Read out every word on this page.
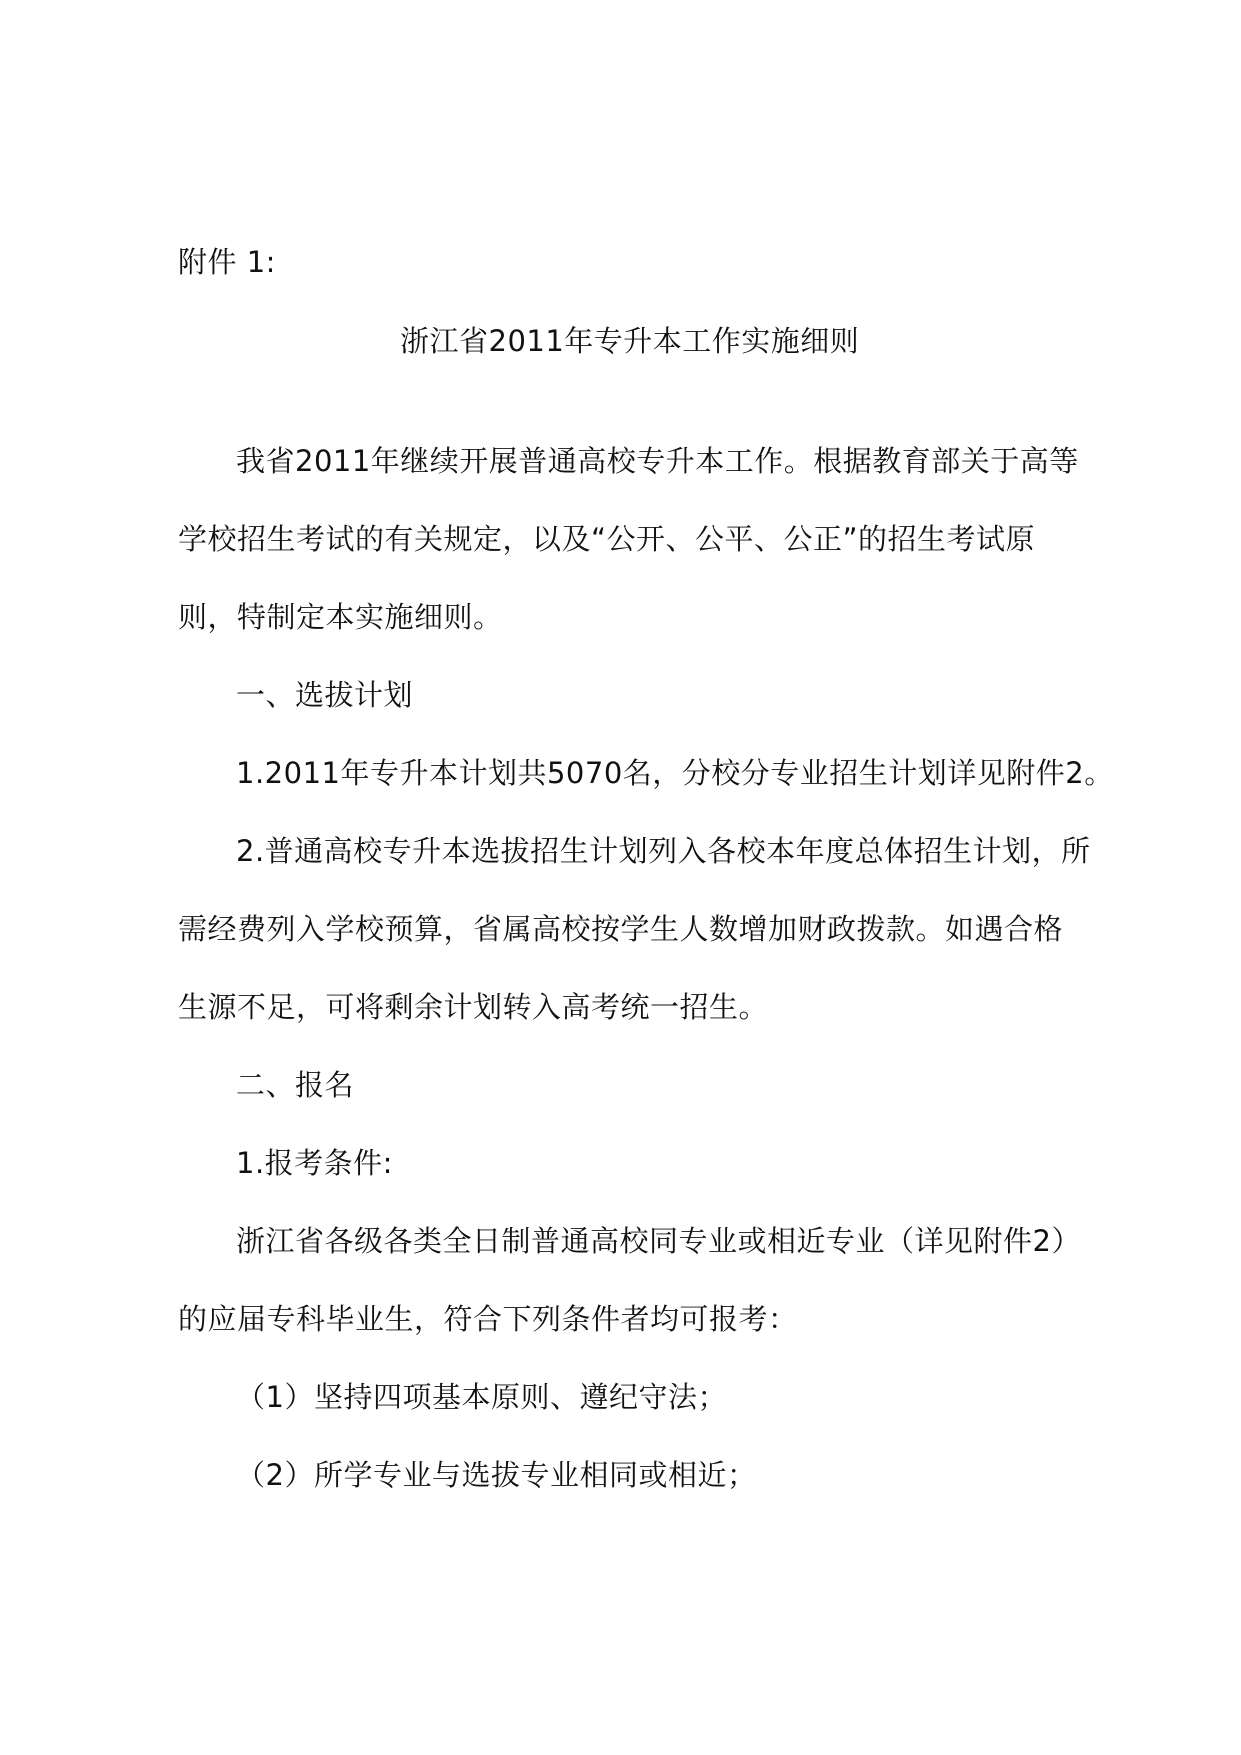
附件 1:
浙江省2011年专升本工作实施细则
我省2011年继续开展普通高校专升本工作。根据教育部关于高等
学校招生考试的有关规定，以及“公开、公平、公正”的招生考试原
则，特制定本实施细则。
一、选拔计划
1.2011年专升本计划共5070名，分校分专业招生计划详见附件2。
2.普通高校专升本选拔招生计划列入各校本年度总体招生计划，所
需经费列入学校预算，省属高校按学生人数增加财政拨款。如遇合格
生源不足，可将剩余计划转入高考统一招生。
二、报名
1.报考条件:
浙江省各级各类全日制普通高校同专业或相近专业（详见附件2）
的应届专科毕业生，符合下列条件者均可报考：
（1）坚持四项基本原则、遵纪守法；
（2）所学专业与选拔专业相同或相近；
